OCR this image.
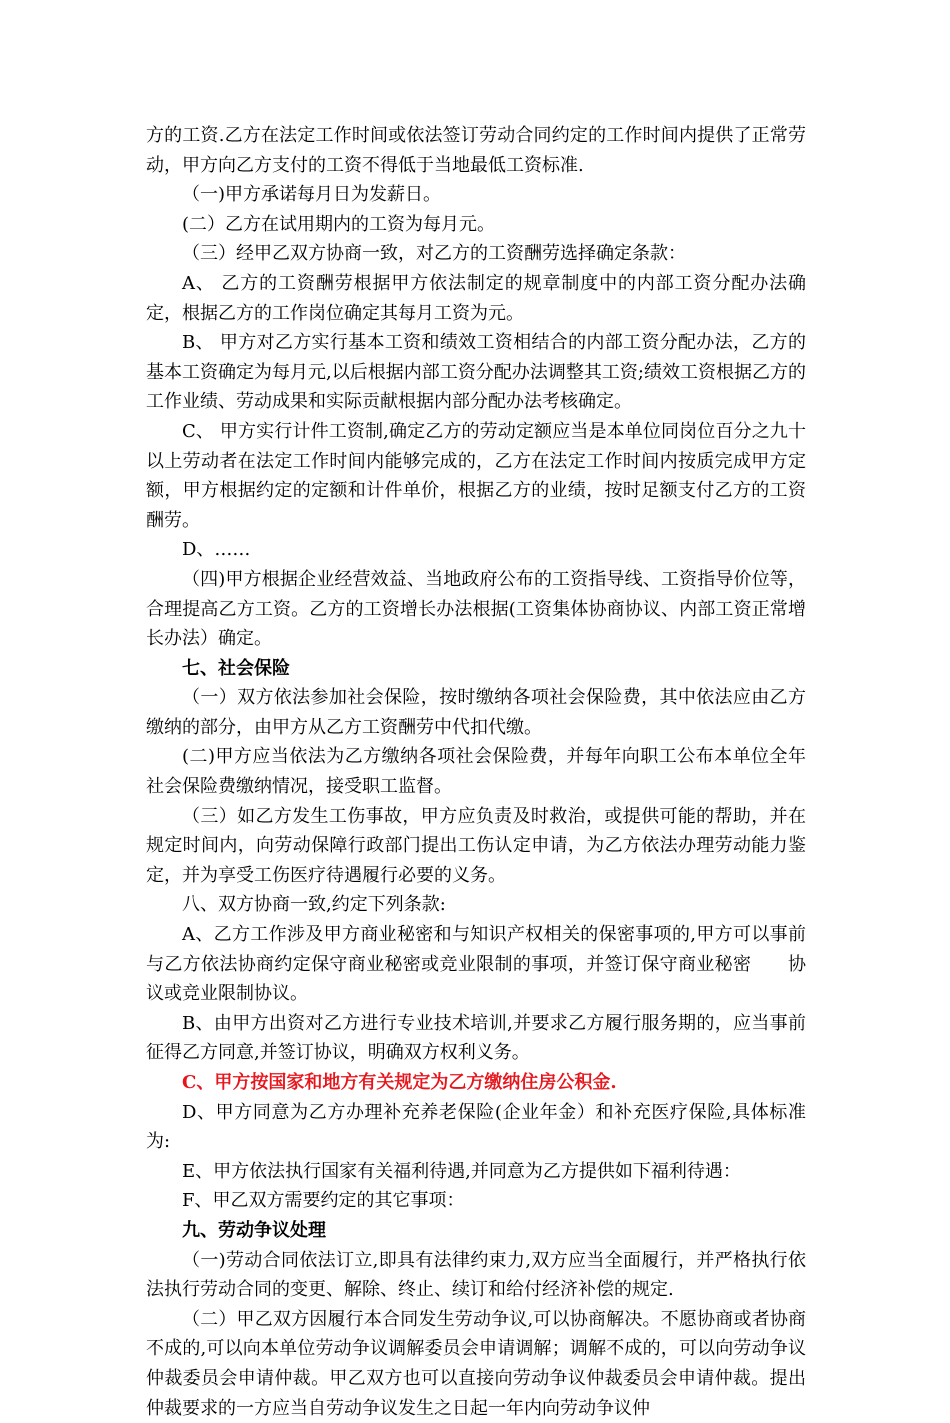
方的工资.乙方在法定工作时间或依法签订劳动合同约定的工作时间内提供了正常劳动，甲方向乙方支付的工资不得低于当地最低工资标准.

（一)甲方承诺每月日为发薪日。

(二）乙方在试用期内的工资为每月元。

（三）经甲乙双方协商一致，对乙方的工资酬劳选择确定条款：

A、 乙方的工资酬劳根据甲方依法制定的规章制度中的内部工资分配办法确定，根据乙方的工作岗位确定其每月工资为元。

B、 甲方对乙方实行基本工资和绩效工资相结合的内部工资分配办法，乙方的基本工资确定为每月元,以后根据内部工资分配办法调整其工资;绩效工资根据乙方的工作业绩、劳动成果和实际贡献根据内部分配办法考核确定。

C、 甲方实行计件工资制,确定乙方的劳动定额应当是本单位同岗位百分之九十以上劳动者在法定工作时间内能够完成的，乙方在法定工作时间内按质完成甲方定额，甲方根据约定的定额和计件单价，根据乙方的业绩，按时足额支付乙方的工资酬劳。

D、……

（四)甲方根据企业经营效益、当地政府公布的工资指导线、工资指导价位等，合理提高乙方工资。乙方的工资增长办法根据(工资集体协商协议、内部工资正常增长办法）确定。

七、社会保险

（一）双方依法参加社会保险，按时缴纳各项社会保险费，其中依法应由乙方缴纳的部分，由甲方从乙方工资酬劳中代扣代缴。

(二)甲方应当依法为乙方缴纳各项社会保险费，并每年向职工公布本单位全年社会保险费缴纳情况，接受职工监督。

（三）如乙方发生工伤事故，甲方应负责及时救治，或提供可能的帮助，并在规定时间内，向劳动保障行政部门提出工伤认定申请，为乙方依法办理劳动能力鉴定，并为享受工伤医疗待遇履行必要的义务。

八、双方协商一致,约定下列条款:

A、乙方工作涉及甲方商业秘密和与知识产权相关的保密事项的,甲方可以事前与乙方依法协商约定保守商业秘密或竞业限制的事项，并签订保守商业秘密　　协议或竞业限制协议。

B、由甲方出资对乙方进行专业技术培训,并要求乙方履行服务期的，应当事前征得乙方同意,并签订协议，明确双方权利义务。

C、甲方按国家和地方有关规定为乙方缴纳住房公积金.

D、甲方同意为乙方办理补充养老保险(企业年金）和补充医疗保险,具体标准为:

E、甲方依法执行国家有关福利待遇,并同意为乙方提供如下福利待遇：

F、甲乙双方需要约定的其它事项：

九、劳动争议处理

（一)劳动合同依法订立,即具有法律约束力,双方应当全面履行，并严格执行依法执行劳动合同的变更、解除、终止、续订和给付经济补偿的规定.

（二）甲乙双方因履行本合同发生劳动争议,可以协商解决。不愿协商或者协商不成的,可以向本单位劳动争议调解委员会申请调解；调解不成的，可以向劳动争议仲裁委员会申请仲裁。甲乙双方也可以直接向劳动争议仲裁委员会申请仲裁。提出仲裁要求的一方应当自劳动争议发生之日起一年内向劳动争议仲
